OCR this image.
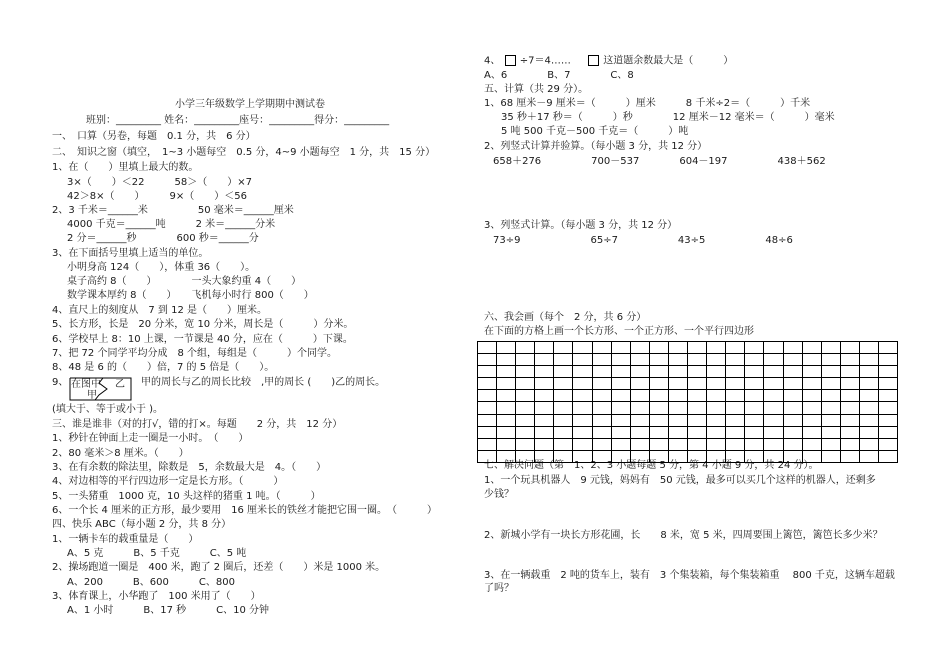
小学三年级数学上学期期中测试卷
班别：_________ 姓名：_________座号：_________得分：_________
一、　口算（另卷，每题　0.1 分，共　6 分）
二、　知识之窗（填空，　1~3 小题每空　0.5 分，4~9 小题每空　1 分，共　15 分）
1、在（　　）里填上最大的数。
3×（　　）＜22　　　58＞（　　）×7
42＞8×（　　）　　　9×（　　）＜56
2、3 千米＝______米　　　　　50 毫米＝______厘米
4000 千克＝______吨　　　2 米＝______分米
2 分＝______秒　　　　600 秒＝______分
3、在下面括号里填上适当的单位。
小明身高 124（　　），体重 36（　　）。
桌子高约 8（　　）　　　　一头大象约重 4（　　）
数学课本厚约 8（　　）　　飞机每小时行 800（　　）
4、直尺上的刻度从　7 到 12 是（　　）厘米。
5、长方形，长是　20 分米，宽 10 分米，周长是（　　　）分米。
6、学校早上 8：10 上课，一节课是 40 分，应在（　　　）下课。
7、把 72 个同学平均分成　8 个组，每组是（　　　）个同学。
8、48 是 6 的（　　）倍，7 的 5 倍是（　　）。
9、 在图中 乙
甲
甲的周长与乙的周长比较　,甲的周长 (　　)乙的周长。
(填大于、等于或小于 )。
三、谁是谁非（对的打√，错的打×。每题　　2 分，共　12 分）
1、秒针在钟面上走一圈是一小时。　（　　）
2、80 毫米＞8 厘米。（　　）
3、在有余数的除法里，除数是　5，余数最大是　4。（　　）
4、对边相等的平行四边形一定是长方形。（　　　）
5、一头猪重　1000 克，10 头这样的猪重 1 吨。（　　　）
6、一个长 4 厘米的正方形，最少要用　16 厘米长的铁丝才能把它围一圈。　（　　　）
四、快乐 ABC（每小题 2 分，共 8 分）
1、一辆卡车的载重量是（　　）
A、5 克　　　B、5 千克　　　C、5 吨
2、操场跑道一圈是　400 米，跑了 2 圈后，还差（　　）米是 1000 米。
A、200　　　B、600　　　C、800
3、体育课上，小华跑了　100 米用了（　　）
A、1 小时　　　B、17 秒　　　C、10 分钟
4、 ÷7＝4……	这道题余数最大是（　　　）
A、6　　　　B、7　　　　C、8
五、计算（共 29 分）。
1、68 厘米－9 厘米＝（　　　）厘米　　　8 千米÷2＝（　　　）千米
35 秒＋17 秒＝（　　　）秒　　　　12 厘米－12 毫米＝（　　　）毫米
5 吨 500 千克－500 千克＝（　　　）吨
2、列竖式计算并验算。（每小题 3 分，共 12 分）
658＋276　　　　　700－537　　　　604－197　　　　　438＋562
3、列竖式计算。（每小题 3 分，共 12 分）
73÷9　　　　　　　65÷7　　　　　　43÷5　　　　　　48÷6
六、我会画（每个　2 分，共 6 分）
在下面的方格上画一个长方形、一个正方形、一个平行四边形
七、解决问题（第　1、2、3 小题每题 5 分，第 4 小题 9 分，共 24 分）。
1、一个玩具机器人　9 元钱，妈妈有　50 元钱，最多可以买几个这样的机器人，还剩多
少钱？
2、新城小学有一块长方形花圃，长　　8 米，宽 5 米，四周要围上篱笆，篱笆长多少米？
3、在一辆载重　2 吨的货车上，装有　3 个集装箱，每个集装箱重　 800 千克，这辆车超载
了吗？
